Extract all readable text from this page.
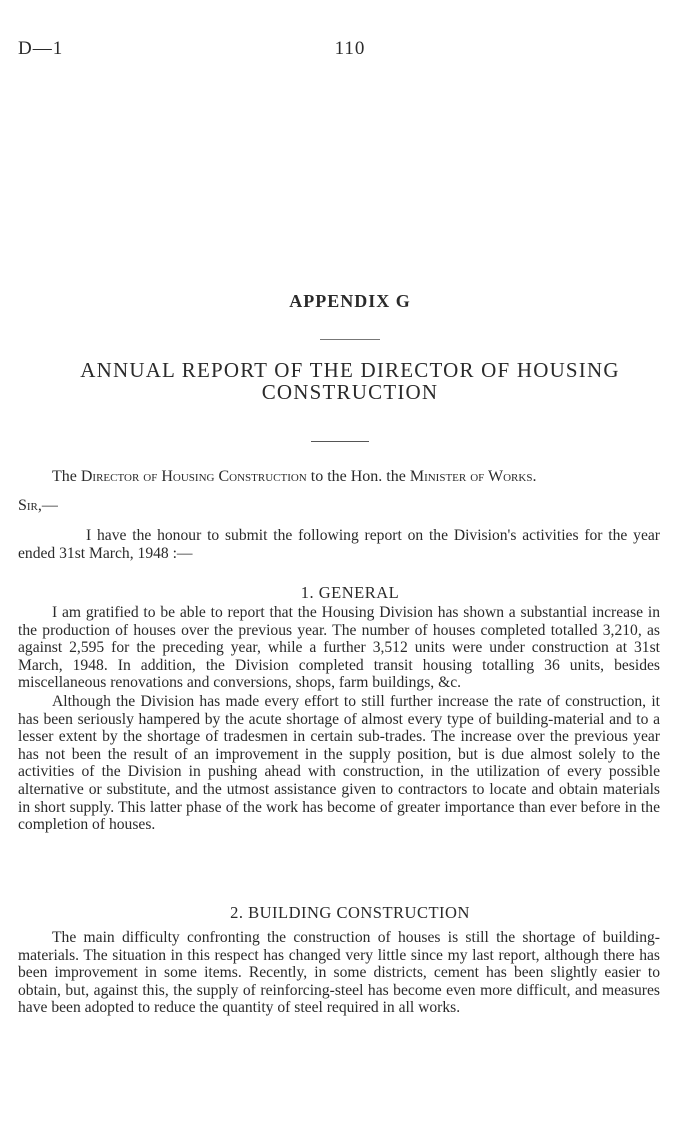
D—1	110
APPENDIX G
ANNUAL REPORT OF THE DIRECTOR OF HOUSING
CONSTRUCTION
The Director of Housing Construction to the Hon. the Minister of Works.
Sir,—

I have the honour to submit the following report on the Division's activities for the year ended 31st March, 1948 :—

1. GENERAL

I am gratified to be able to report that the Housing Division has shown a substantial increase in the production of houses over the previous year. The number of houses completed totalled 3,210, as against 2,595 for the preceding year, while a further 3,512 units were under construction at 31st March, 1948. In addition, the Division completed transit housing totalling 36 units, besides miscellaneous renovations and conversions, shops, farm buildings, &c.

Although the Division has made every effort to still further increase the rate of construction, it has been seriously hampered by the acute shortage of almost every type of building-material and to a lesser extent by the shortage of tradesmen in certain sub-trades. The increase over the previous year has not been the result of an improvement in the supply position, but is due almost solely to the activities of the Division in pushing ahead with construction, in the utilization of every possible alternative or substitute, and the utmost assistance given to contractors to locate and obtain materials in short supply. This latter phase of the work has become of greater importance than ever before in the completion of houses.

2. BUILDING CONSTRUCTION

The main difficulty confronting the construction of houses is still the shortage of building-materials. The situation in this respect has changed very little since my last report, although there has been improvement in some items. Recently, in some districts, cement has been slightly easier to obtain, but, against this, the supply of reinforcing-steel has become even more difficult, and measures have been adopted to reduce the quantity of steel required in all works.
